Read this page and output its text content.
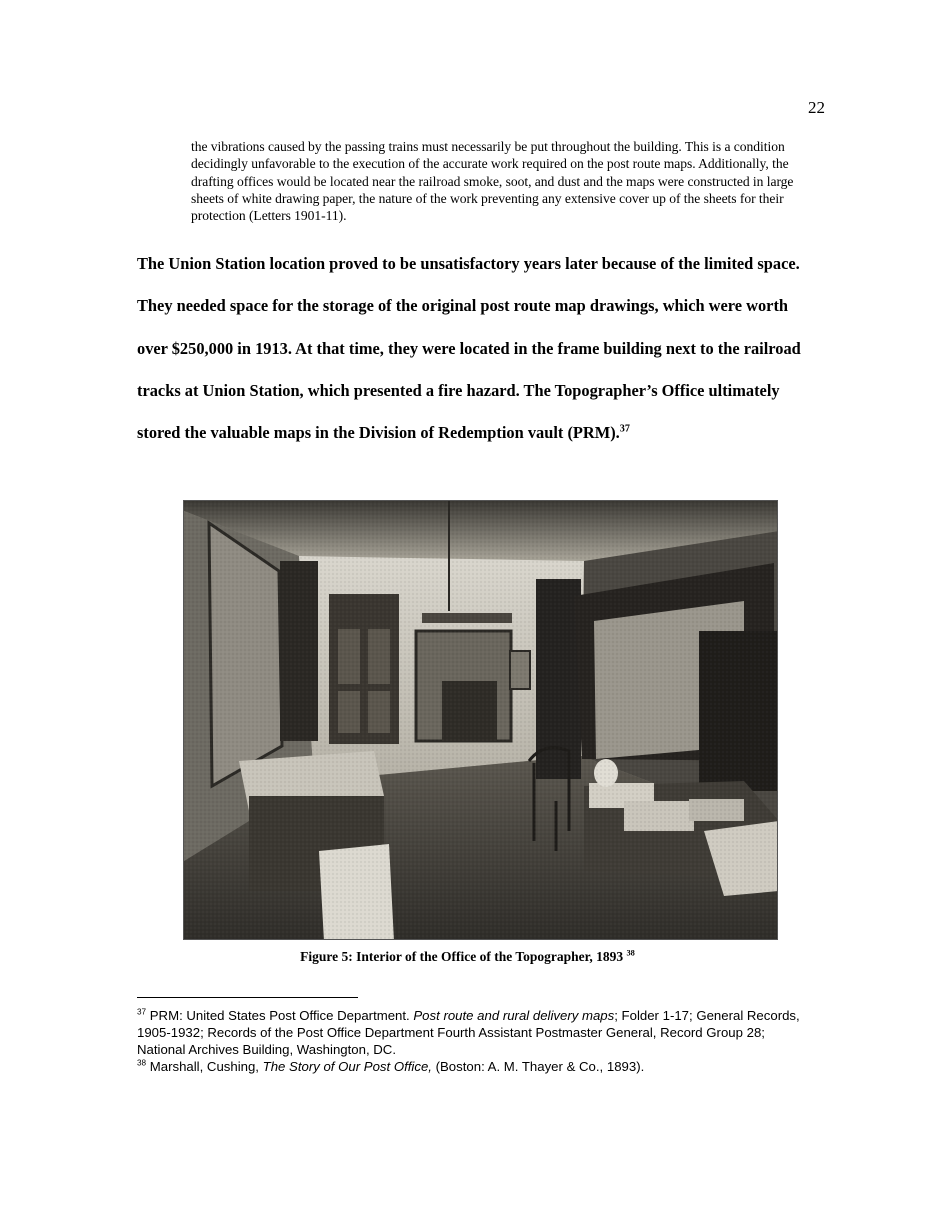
22

the vibrations caused by the passing trains must necessarily be put throughout the building. This is a condition decidingly unfavorable to the execution of the accurate work required on the post route maps. Additionally, the drafting offices would be located near the railroad smoke, soot, and dust and the maps were constructed in large sheets of white drawing paper, the nature of the work preventing any extensive cover up of the sheets for their protection (Letters 1901-11).

The Union Station location proved to be unsatisfactory years later because of the limited space. They needed space for the storage of the original post route map drawings, which were worth over $250,000 in 1913. At that time, they were located in the frame building next to the railroad tracks at Union Station, which presented a fire hazard. The Topographer’s Office ultimately stored the valuable maps in the Division of Redemption vault (PRM).$^{37}$

Figure 5: Interior of the Office of the Topographer, 1893 $^{38}$

$^{37}$ PRM: United States Post Office Department. Post route and rural delivery maps; Folder 1-17; General Records, 1905-1932; Records of the Post Office Department Fourth Assistant Postmaster General, Record Group 28; National Archives Building, Washington, DC.

$^{38}$ Marshall, Cushing, The Story of Our Post Office, (Boston: A. M. Thayer & Co., 1893).
